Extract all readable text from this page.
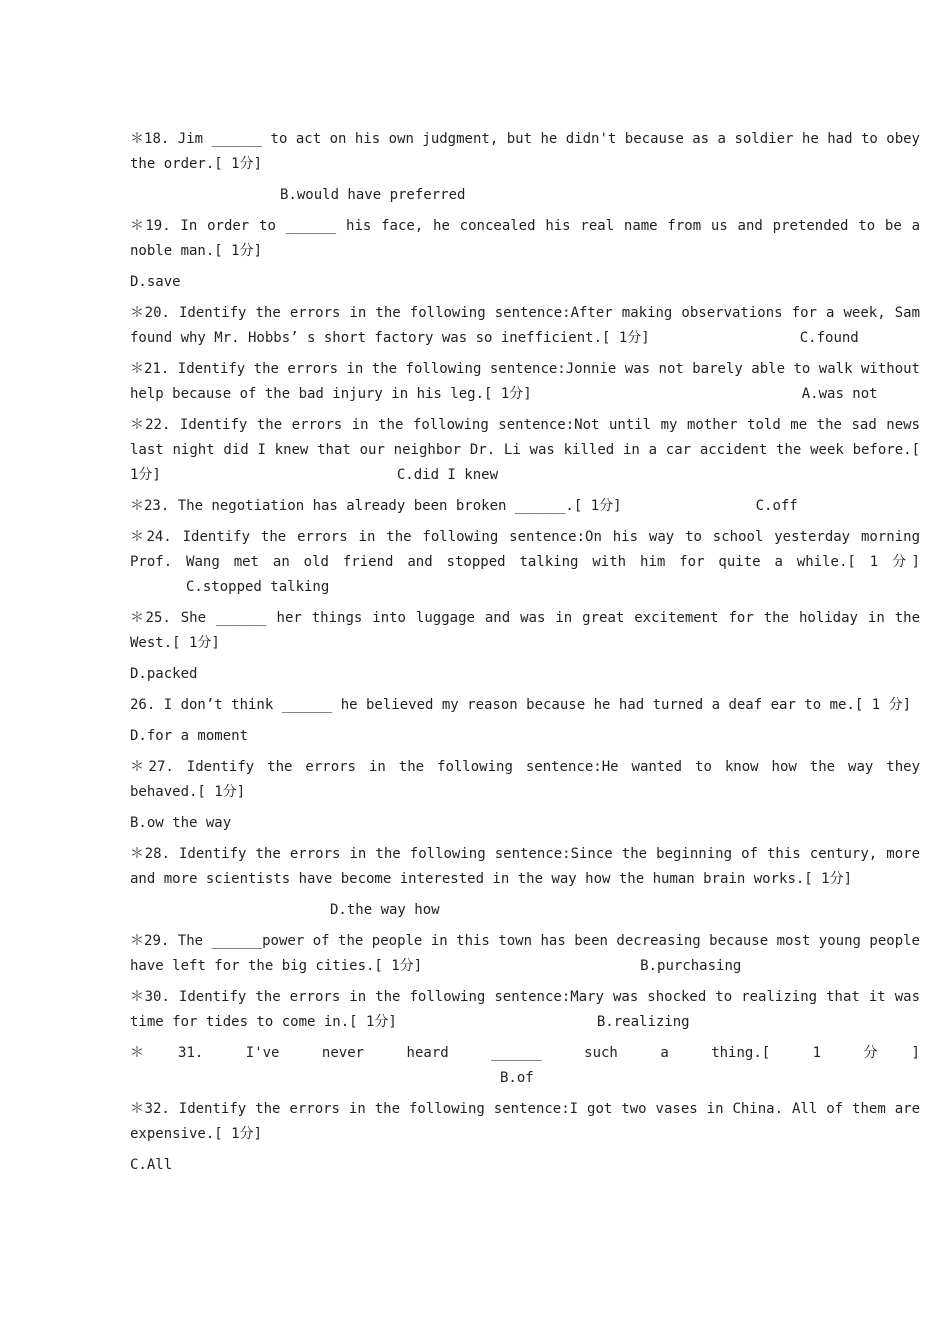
＊18. Jim ______ to act on his own judgment, but he didn't because as a soldier he had to obey the order.[ 1分]

B.would have preferred

＊19. In order to ______ his face, he concealed his real name from us and pretended to be a noble man.[ 1分]

D.save

＊20. Identify the errors in the following sentence:After making observations for a week, Sam found why Mr. Hobbs’ s short factory was so inefficient.[ 1分]	C.found

＊21. Identify the errors in the following sentence:Jonnie was not barely able to walk without help because of the bad injury in his leg.[ 1分]	A.was not

＊22. Identify the errors in the following sentence:Not until my mother told me the sad news last night did I knew that our neighbor Dr. Li was killed in a car accident the week before.[ 1分]	C.did I knew

＊23. The negotiation has already been broken ______.[ 1分]	C.off

＊24. Identify the errors in the following sentence:On his way to school yesterday morning Prof. Wang met an old friend and stopped talking with him for quite a while.[ 1 分]C.stopped talking

＊25. She ______ her things into luggage and was in great excitement for the holiday in the West.[ 1分]

D.packed

26. I don’t think ______ he believed my reason because he had turned a deaf ear to me.[ 1 分]

D.for a moment

＊27. Identify the errors in the following sentence:He wanted to know how the way they behaved.[ 1分]

B.ow the way

＊28. Identify the errors in the following sentence:Since the beginning of this century, more and more scientists have become interested in the way how the human brain works.[ 1分]

D.the way how

＊29. The ______power of the people in this town has been decreasing because most young people have left for the big cities.[ 1分]	B.purchasing

＊30. Identify the errors in the following sentence:Mary was shocked to realizing that it was time for tides to come in.[ 1分]	B.realizing

＊31. I've never heard ______ such a thing.[ 1 分]B.of

＊32. Identify the errors in the following sentence:I got two vases in China. All of them are expensive.[ 1分]

C.All
